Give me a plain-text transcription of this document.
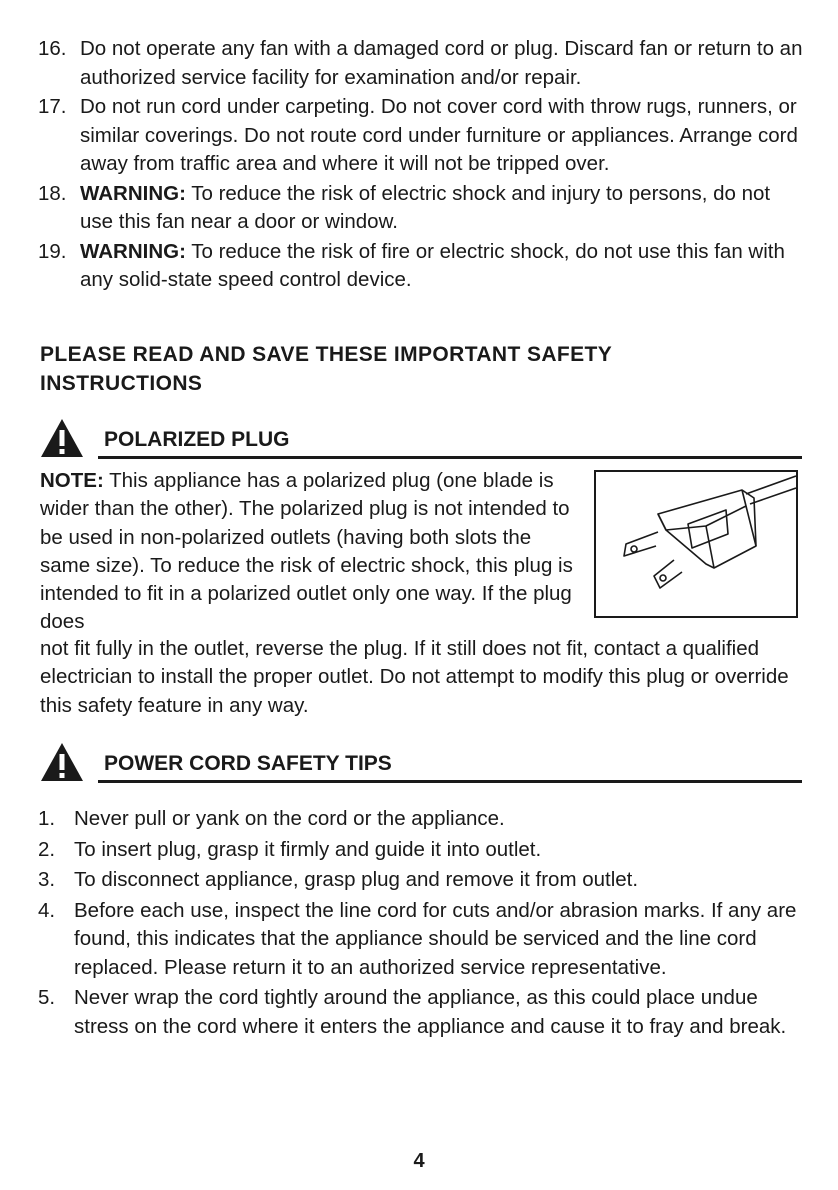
16. Do not operate any fan with a damaged cord or plug. Discard fan or return to an authorized service facility for examination and/or repair.
17. Do not run cord under carpeting. Do not cover cord with throw rugs, runners, or similar coverings. Do not route cord under furniture or appliances. Arrange cord away from traffic area and where it will not be tripped over.
18. WARNING: To reduce the risk of electric shock and injury to persons, do not use this fan near a door or window.
19. WARNING: To reduce the risk of fire or electric shock, do not use this fan with any solid-state speed control device.
PLEASE READ AND SAVE THESE IMPORTANT SAFETY INSTRUCTIONS
POLARIZED PLUG
NOTE: This appliance has a polarized plug (one blade is wider than the other). The polarized plug is not intended to be used in non-polarized outlets (having both slots the same size). To reduce the risk of electric shock, this plug is intended to fit in a polarized outlet only one way. If the plug does
not fit fully in the outlet, reverse the plug. If it still does not fit, contact a qualified electrician to install the proper outlet. Do not attempt to modify this plug or override this safety feature in any way.
POWER CORD SAFETY TIPS
1. Never pull or yank on the cord or the appliance.
2. To insert plug, grasp it firmly and guide it into outlet.
3. To disconnect appliance, grasp plug and remove it from outlet.
4. Before each use, inspect the line cord for cuts and/or abrasion marks. If any are found, this indicates that the appliance should be serviced and the line cord replaced. Please return it to an authorized service representative.
5. Never wrap the cord tightly around the appliance, as this could place undue stress on the cord where it enters the appliance and cause it to fray and break.
4
